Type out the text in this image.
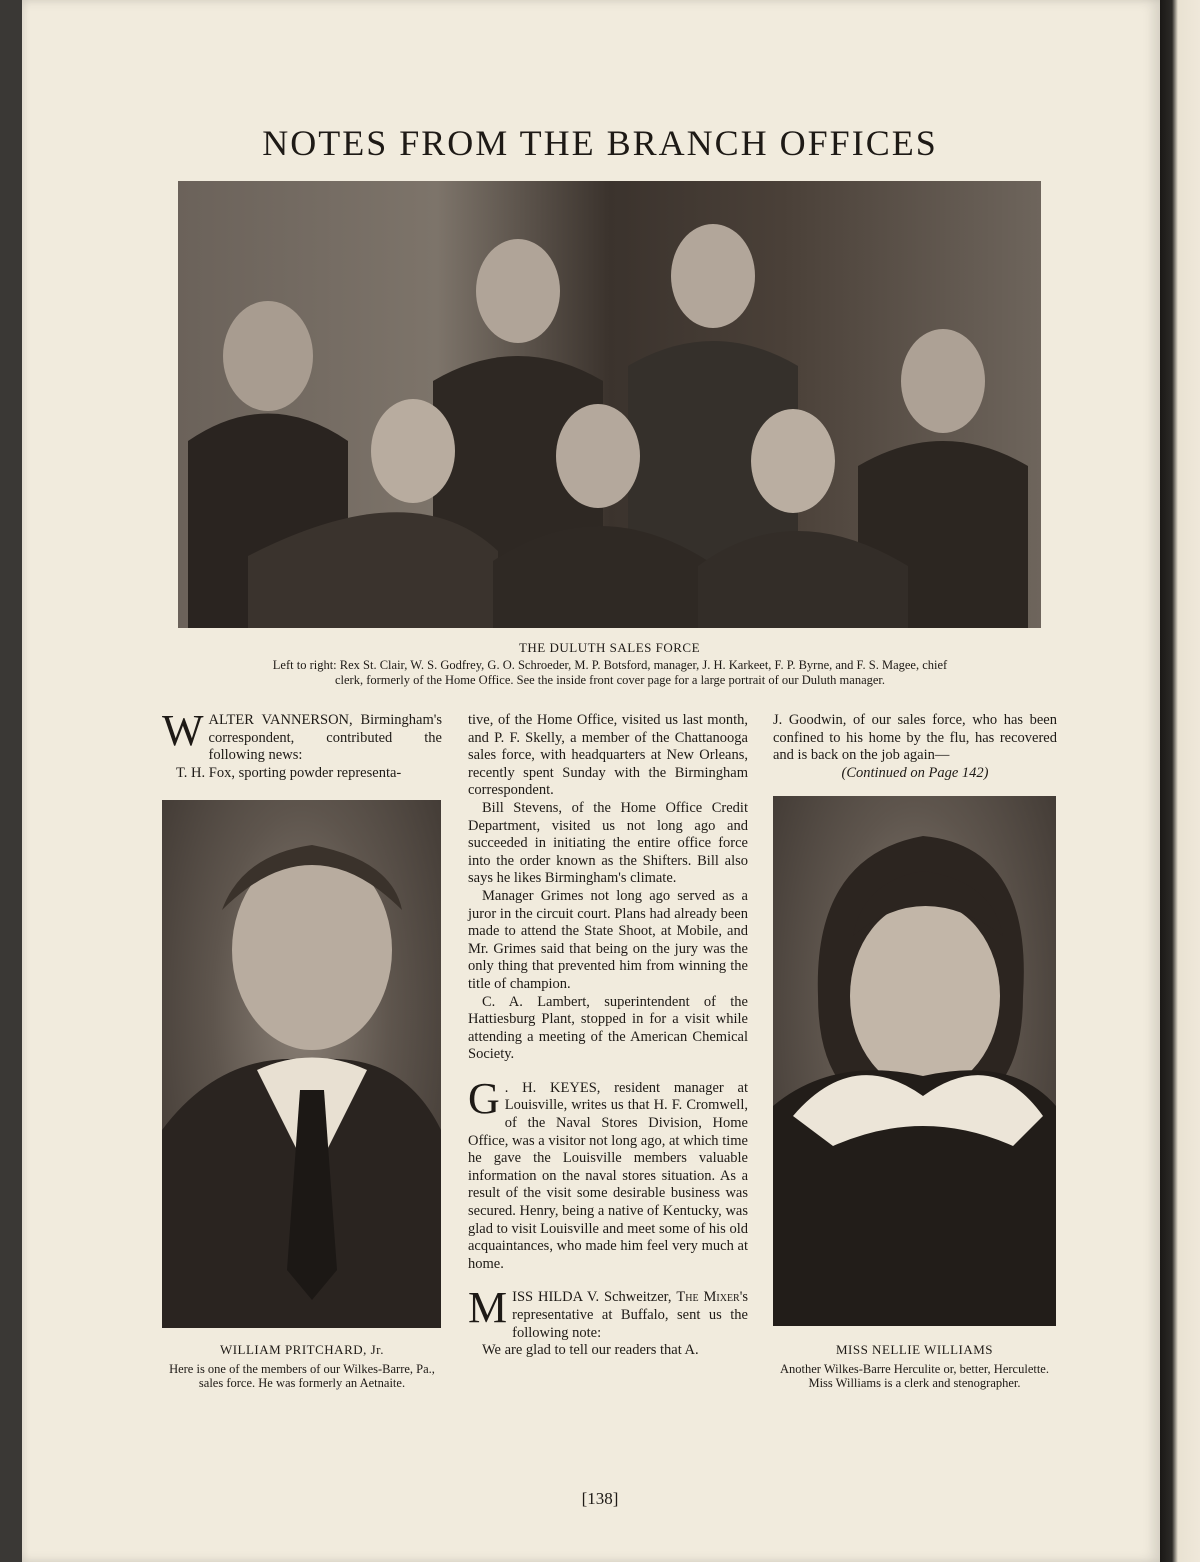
NOTES FROM THE BRANCH OFFICES
THE DULUTH SALES FORCE
Left to right: Rex St. Clair, W. S. Godfrey, G. O. Schroeder, M. P. Botsford, manager, J. H. Karkeet, F. P. Byrne, and F. S. Magee, chief
clerk, formerly of the Home Office. See the inside front cover page for a large portrait of our Duluth manager.

WALTER VANNERSON, Birmingham's correspondent, contributed the following news:

T. H. Fox, sporting powder representa-

WILLIAM PRITCHARD, Jr.
Here is one of the members of our Wilkes-Barre, Pa., sales force. He was formerly an Aetnaite.

tive, of the Home Office, visited us last month, and P. F. Skelly, a member of the Chattanooga sales force, with headquarters at New Orleans, recently spent Sunday with the Birmingham correspondent.

Bill Stevens, of the Home Office Credit Department, visited us not long ago and succeeded in initiating the entire office force into the order known as the Shifters. Bill also says he likes Birmingham's climate.

Manager Grimes not long ago served as a juror in the circuit court. Plans had already been made to attend the State Shoot, at Mobile, and Mr. Grimes said that being on the jury was the only thing that prevented him from winning the title of champion.

C. A. Lambert, superintendent of the Hattiesburg Plant, stopped in for a visit while attending a meeting of the American Chemical Society.

G . H. KEYES, resident manager at Louisville, writes us that H. F. Cromwell, of the Naval Stores Division, Home Office, was a visitor not long ago, at which time he gave the Louisville members valuable information on the naval stores situation. As a result of the visit some desirable business was secured. Henry, being a native of Kentucky, was glad to visit Louisville and meet some of his old acquaintances, who made him feel very much at home.

MISS HILDA V. Schweitzer, The Mixer's representative at Buffalo, sent us the following note:

We are glad to tell our readers that A.

J. Goodwin, of our sales force, who has been confined to his home by the flu, has recovered and is back on the job again—

(Continued on Page 142)
MISS NELLIE WILLIAMS
Another Wilkes-Barre Herculite or, better, Herculette. Miss Williams is a clerk and stenographer.
[138]
